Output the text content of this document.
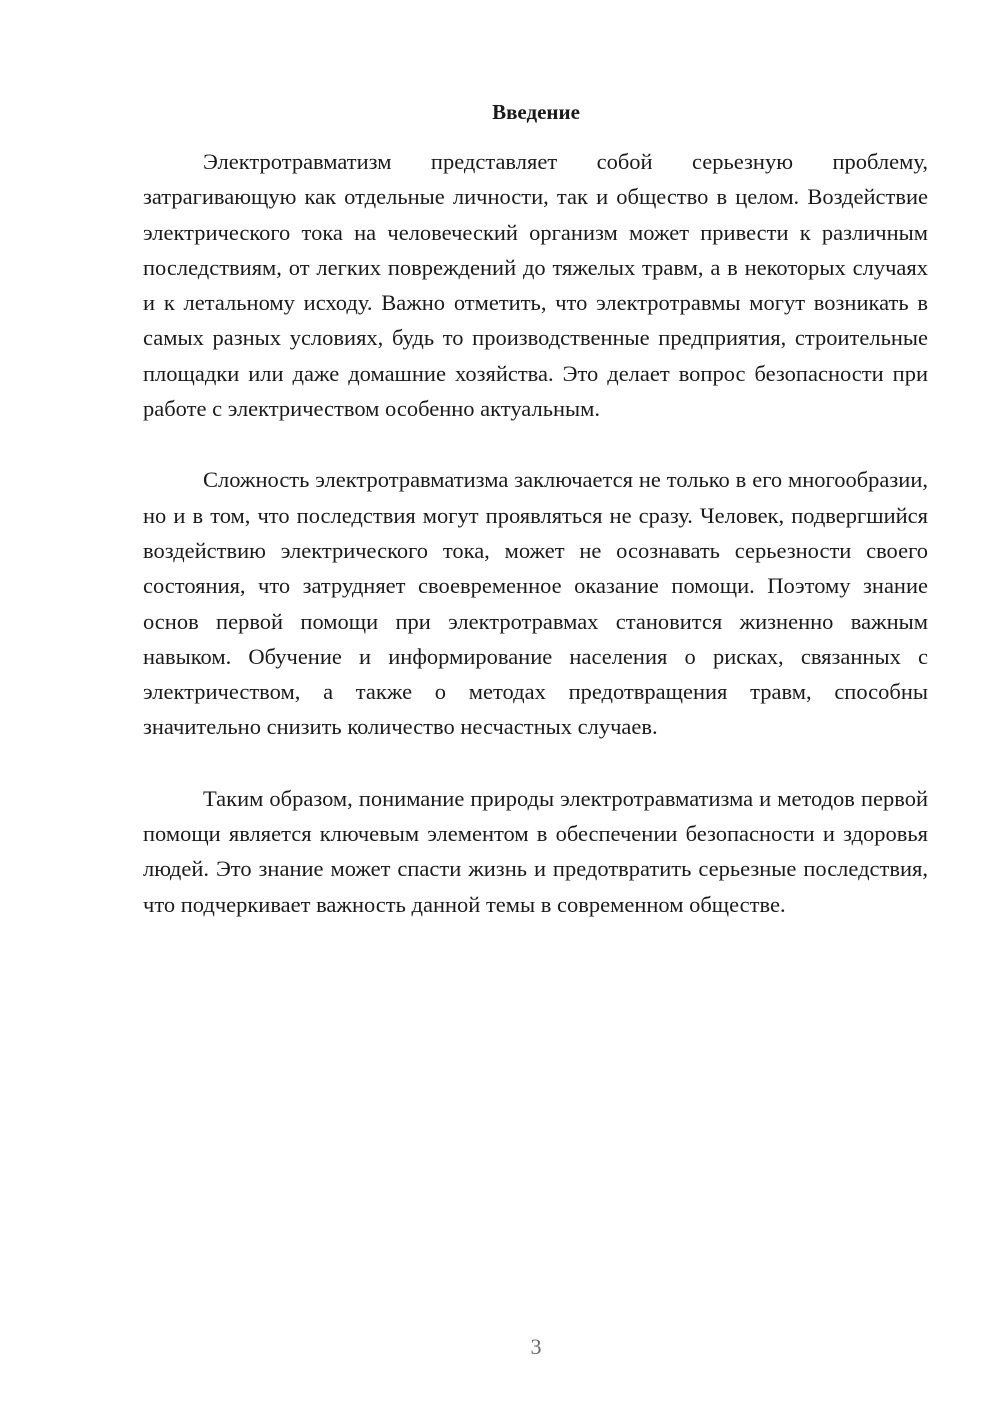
Введение

Электротравматизм представляет собой серьезную проблему, затрагивающую как отдельные личности, так и общество в целом. Воздействие электрического тока на человеческий организм может привести к различным последствиям, от легких повреждений до тяжелых травм, а в некоторых случаях и к летальному исходу. Важно отметить, что электротравмы могут возникать в самых разных условиях, будь то производственные предприятия, строительные площадки или даже домашние хозяйства. Это делает вопрос безопасности при работе с электричеством особенно актуальным.

Сложность электротравматизма заключается не только в его многообразии, но и в том, что последствия могут проявляться не сразу. Человек, подвергшийся воздействию электрического тока, может не осознавать серьезности своего состояния, что затрудняет своевременное оказание помощи. Поэтому знание основ первой помощи при электротравмах становится жизненно важным навыком. Обучение и информирование населения о рисках, связанных с электричеством, а также о методах предотвращения травм, способны значительно снизить количество несчастных случаев.

Таким образом, понимание природы электротравматизма и методов первой помощи является ключевым элементом в обеспечении безопасности и здоровья людей. Это знание может спасти жизнь и предотвратить серьезные последствия, что подчеркивает важность данной темы в современном обществе.

3
